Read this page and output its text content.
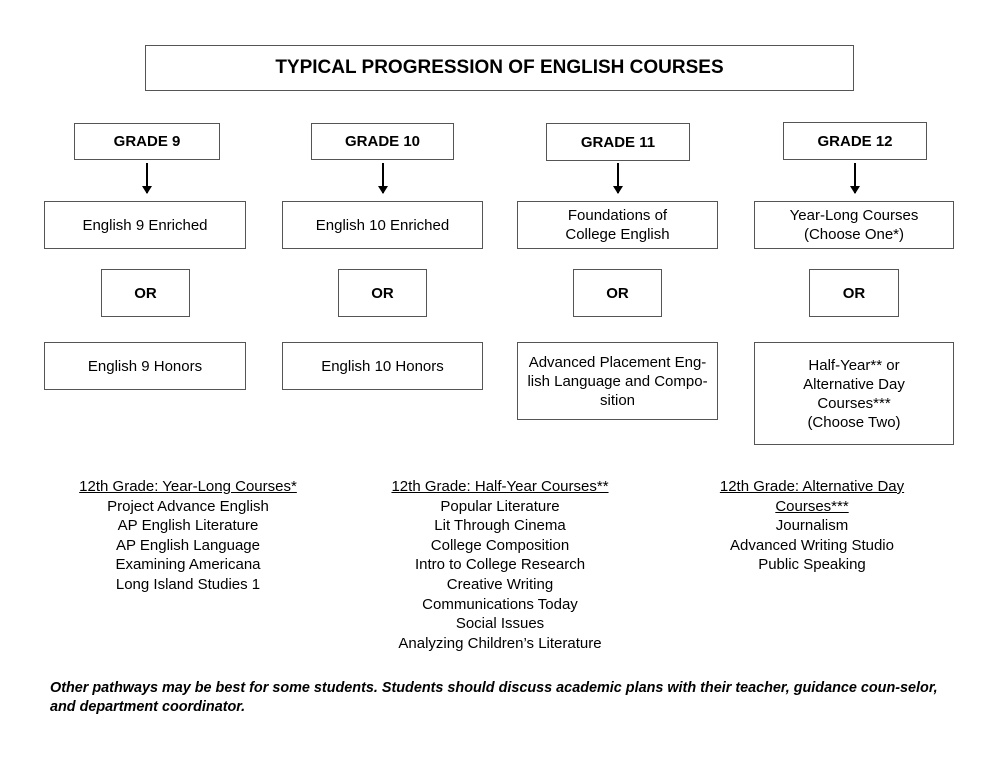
TYPICAL PROGRESSION OF ENGLISH COURSES
GRADE 9
English 9 Enriched
OR
English 9 Honors
GRADE 10
English 10 Enriched
OR
English 10 Honors
GRADE 11
Foundations of
College English
OR
Advanced Placement Eng-
lish Language and Compo-
sition
GRADE 12
Year-Long Courses
(Choose One*)
OR
Half-Year** or
Alternative Day
Courses***
(Choose Two)
12th Grade: Year-Long Courses*
Project Advance English
AP English Literature
AP English Language
Examining Americana
Long Island Studies 1
12th Grade: Half-Year Courses**
Popular Literature
Lit Through Cinema
College Composition
Intro to College Research
Creative Writing
Communications Today
Social Issues
Analyzing Children’s Literature
12th Grade: Alternative Day
Courses***
Journalism
Advanced Writing Studio
Public Speaking
Other pathways may be best for some students. Students should discuss academic plans with their teacher, guidance coun-selor, and department coordinator.
